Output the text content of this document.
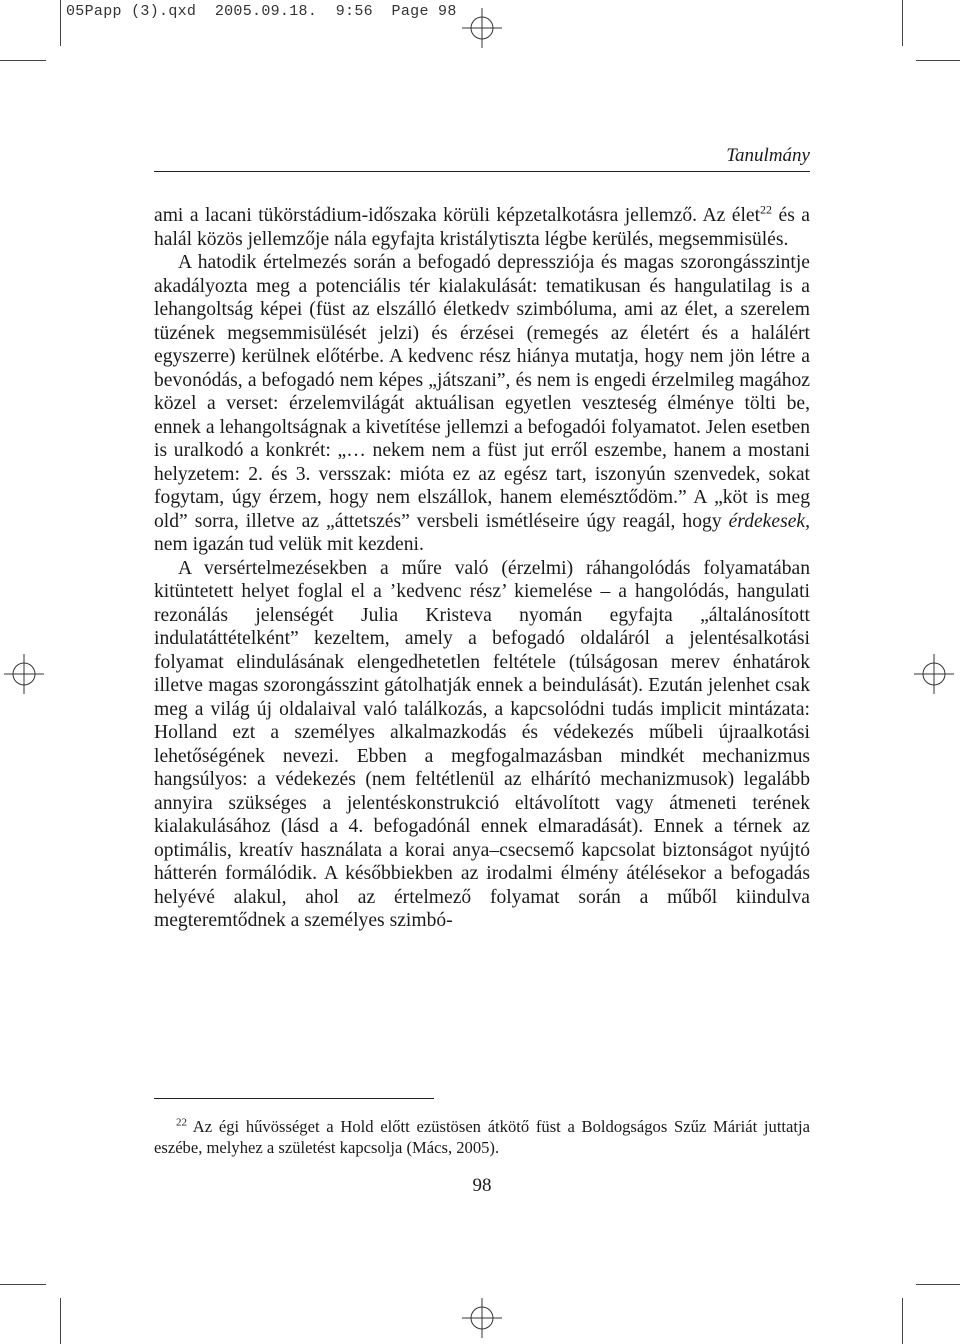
05Papp (3).qxd  2005.09.18.  9:56  Page 98
Tanulmány

ami a lacani tükörstádium-időszaka körüli képzetalkotásra jellemző. Az élet$^{22}$ és a halál közös jellemzője nála egyfajta kristálytiszta légbe kerülés, megsemmisülés.

A hatodik értelmezés során a befogadó depressziója és magas szorongásszintje akadályozta meg a potenciális tér kialakulását: tematikusan és hangulatilag is a lehangoltság képei (füst az elszálló életkedv szimbóluma, ami az élet, a szerelem tüzének megsemmisülését jelzi) és érzései (remegés az életért és a halálért egyszerre) kerülnek előtérbe. A kedvenc rész hiánya mutatja, hogy nem jön létre a bevonódás, a befogadó nem képes „játszani”, és nem is engedi érzelmileg magához közel a verset: érzelemvilágát aktuálisan egyetlen veszteség élménye tölti be, ennek a lehangoltságnak a kivetítése jellemzi a befogadói folyamatot. Jelen esetben is uralkodó a konkrét: „… nekem nem a füst jut erről eszembe, hanem a mostani helyzetem: 2. és 3. versszak: mióta ez az egész tart, iszonyún szenvedek, sokat fogytam, úgy érzem, hogy nem elszállok, hanem elemésztődöm.” A „köt is meg old” sorra, illetve az „áttetszés” versbeli ismétléseire úgy reagál, hogy érdekesek, nem igazán tud velük mit kezdeni.

A versértelmezésekben a műre való (érzelmi) ráhangolódás folyamatában kitüntetett helyet foglal el a ’kedvenc rész’ kiemelése – a hangolódás, hangulati rezonálás jelenségét Julia Kristeva nyomán egyfajta „általánosított indulatáttételként” kezeltem, amely a befogadó oldaláról a jelentésalkotási folyamat elindulásának elengedhetetlen feltétele (túlságosan merev énhatárok illetve magas szorongásszint gátolhatják ennek a beindulását). Ezután jelenhet csak meg a világ új oldalaival való találkozás, a kapcsolódni tudás implicit mintázata: Holland ezt a személyes alkalmazkodás és védekezés műbeli újraalkotási lehetőségének nevezi. Ebben a megfogalmazásban mindkét mechanizmus hangsúlyos: a védekezés (nem feltétlenül az elhárító mechanizmusok) legalább annyira szükséges a jelentéskonstrukció eltávolított vagy átmeneti terének kialakulásához (lásd a 4. befogadónál ennek elmaradását). Ennek a térnek az optimális, kreatív használata a korai anya–csecsemő kapcsolat biztonságot nyújtó hátterén formálódik. A későbbiekben az irodalmi élmény átélésekor a befogadás helyévé alakul, ahol az értelmező folyamat során a műből kiindulva megteremtődnek a személyes szimbó-

$^{22}$ Az égi hűvösséget a Hold előtt ezüstösen átkötő füst a Boldogságos Szűz Máriát juttatja eszébe, melyhez a születést kapcsolja (Mács, 2005).

98
